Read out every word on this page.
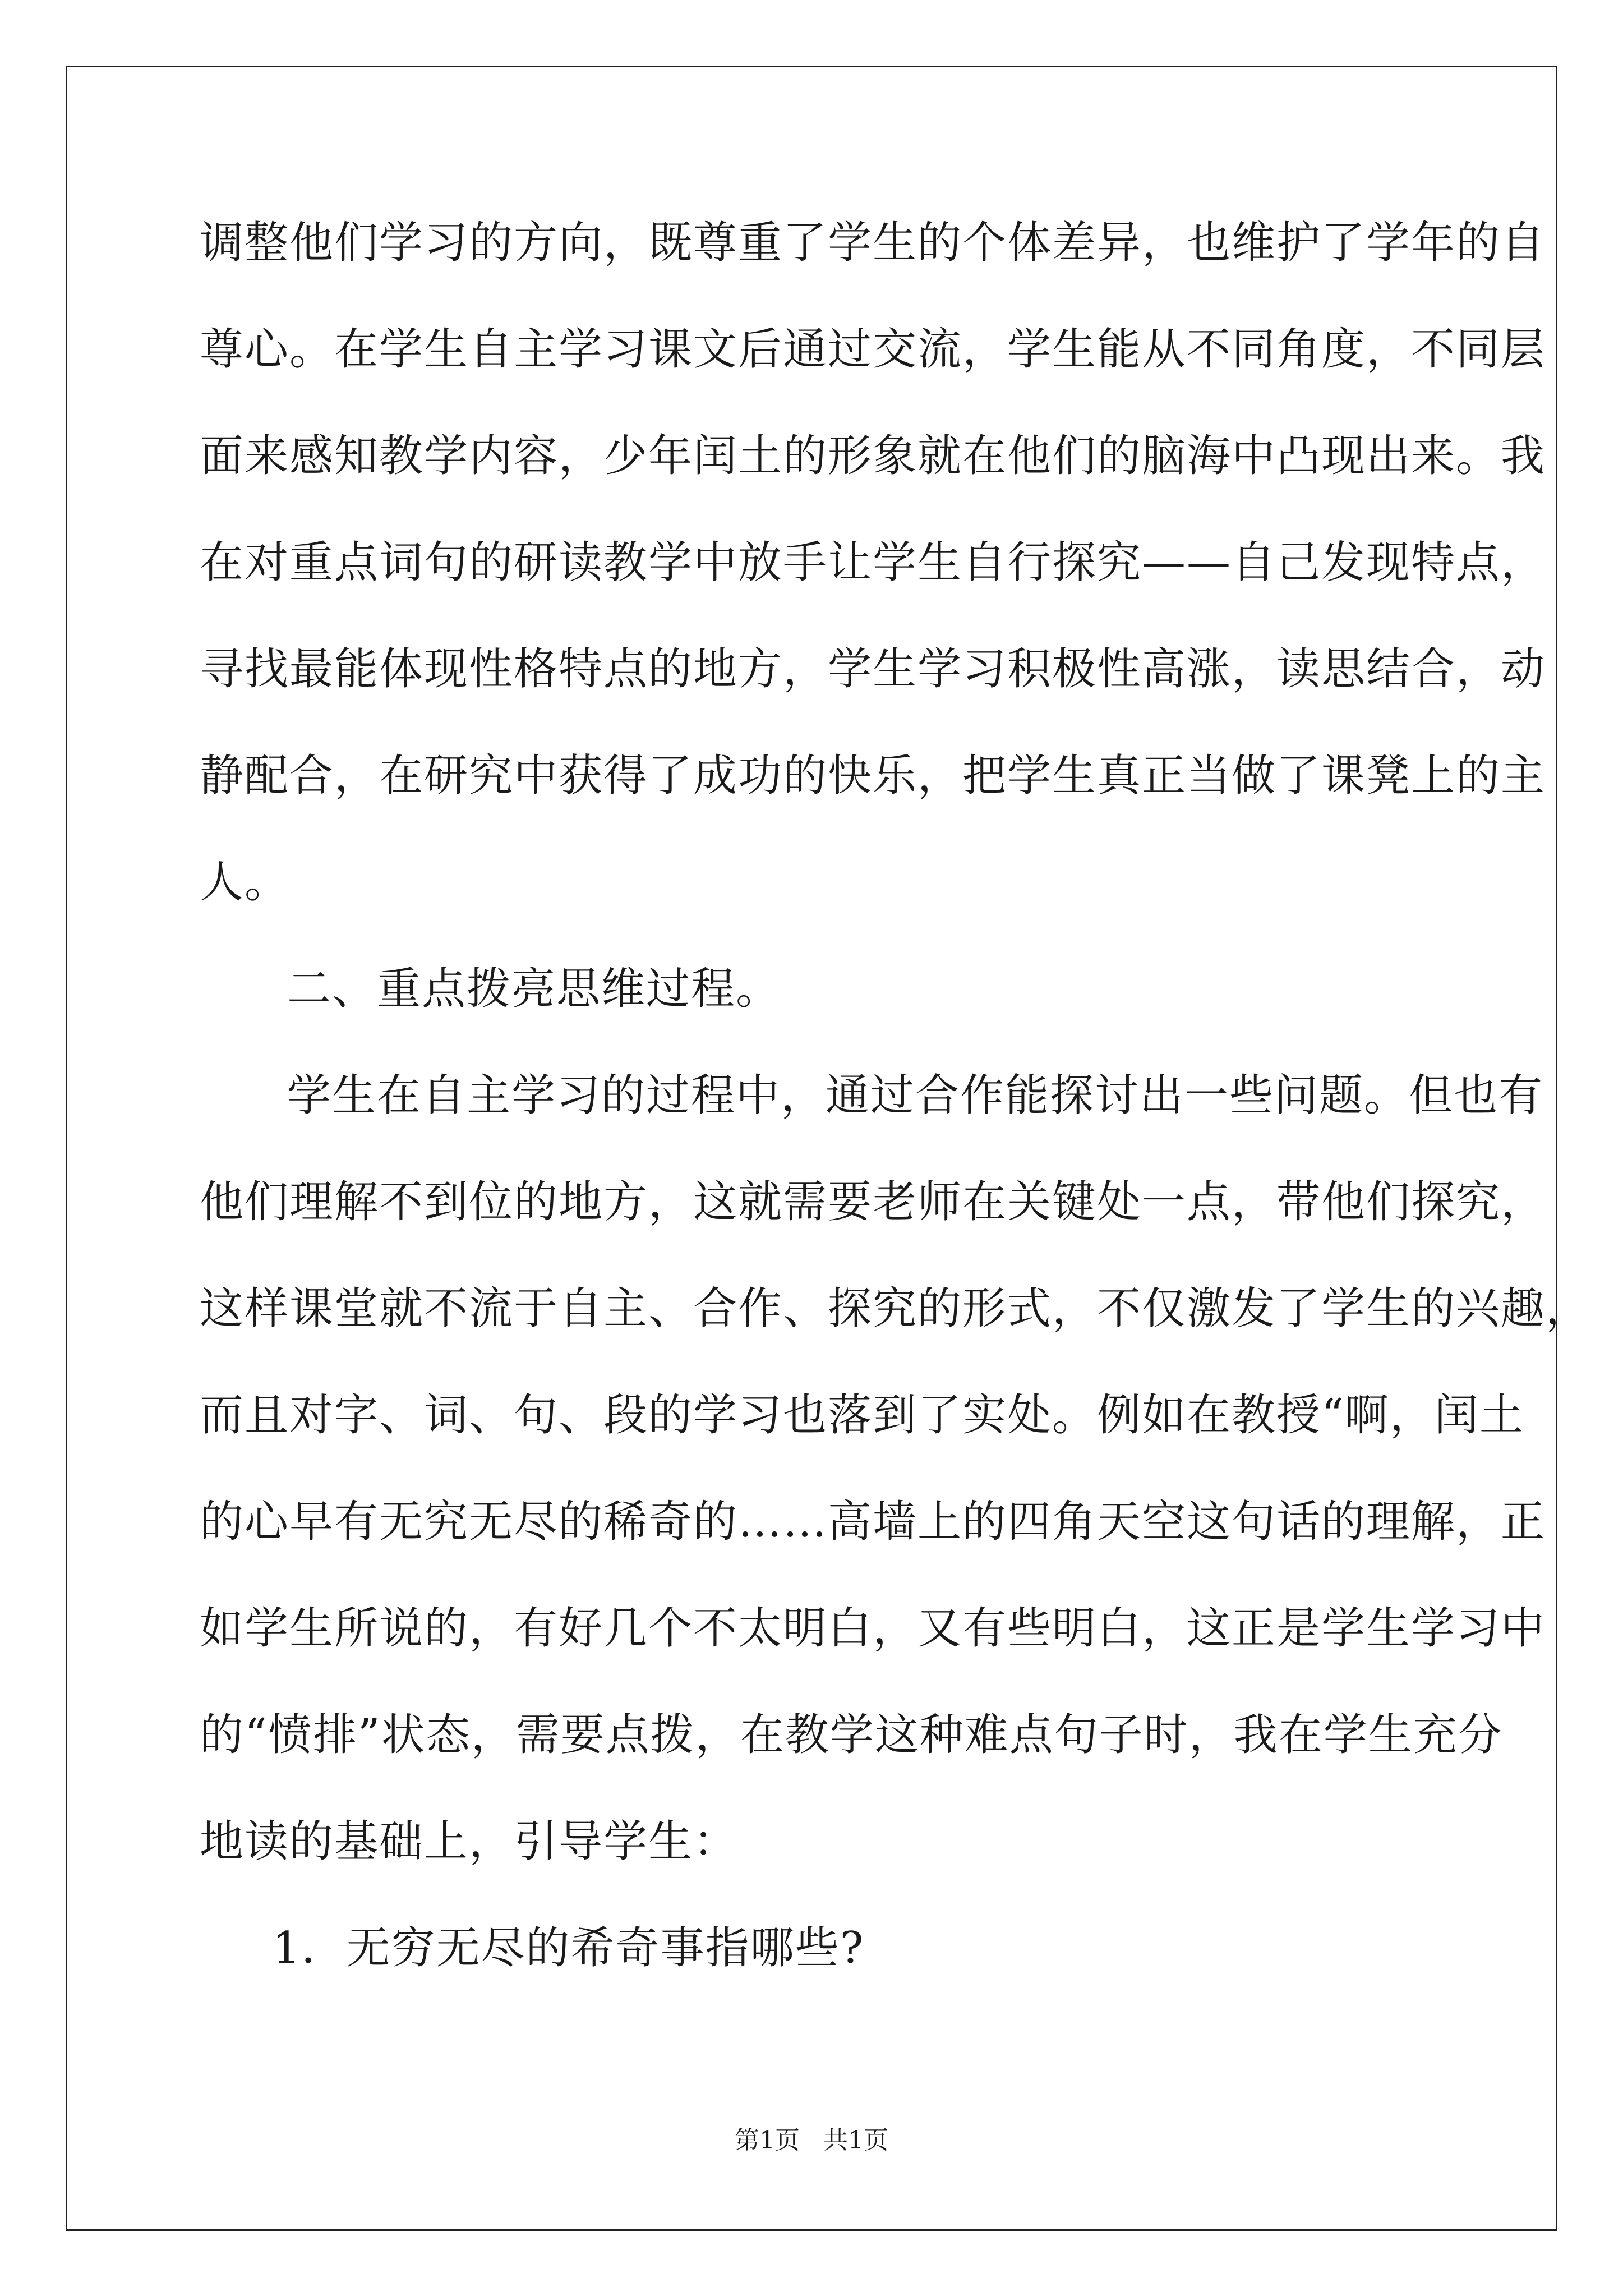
调整他们学习的方向，既尊重了学生的个体差异，也维护了学年的自
尊心。在学生自主学习课文后通过交流，学生能从不同角度，不同层
面来感知教学内容，少年闰土的形象就在他们的脑海中凸现出来。我
在对重点词句的研读教学中放手让学生自行探究——自己发现特点，
寻找最能体现性格特点的地方，学生学习积极性高涨，读思结合，动
静配合，在研究中获得了成功的快乐，把学生真正当做了课凳上的主
人。
二、重点拨亮思维过程。
学生在自主学习的过程中，通过合作能探讨出一些问题。但也有
他们理解不到位的地方，这就需要老师在关键处一点，带他们探究，
这样课堂就不流于自主、合作、探究的形式，不仅激发了学生的兴趣，
而且对字、词、句、段的学习也落到了实处。例如在教授“啊，闰土
的心早有无究无尽的稀奇的……高墙上的四角天空这句话的理解，正
如学生所说的，有好几个不太明白，又有些明白，这正是学生学习中
的“愤排”状态，需要点拨，在教学这种难点句子时，我在学生充分
地读的基础上，引导学生：
1．无穷无尽的希奇事指哪些?
第1页   共1页
